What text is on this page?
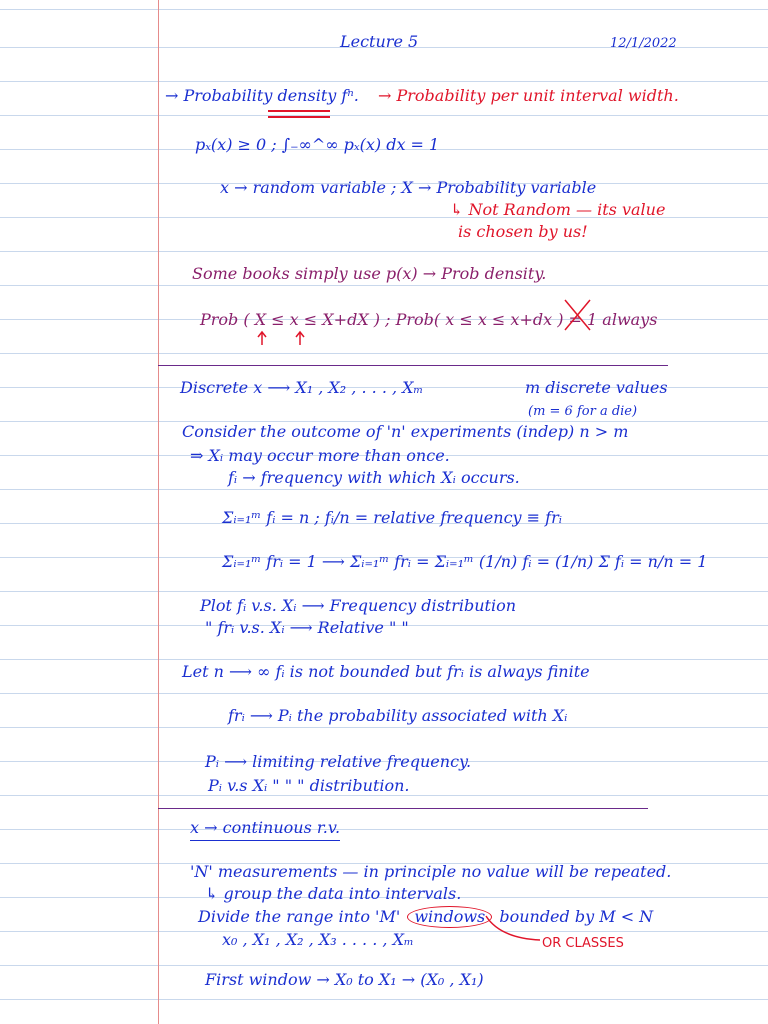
Lecture 5	12/1/2022
→ Probability density fⁿ. → Probability per unit interval width.
pₓ(x) ≥ 0 ; ∫₋∞^∞ pₓ(x) dx = 1
x → random variable ; X → Probability variable
↳ Not Random — its value
is chosen by us!
Some books simply use p(x) → Prob density.
Prob ( X ≤ x ≤ X+dX ) ; Prob( x ≤ x ≤ x+dx ) = 1 always
Discrete x ⟶ X₁ , X₂ , . . . , Xₘ	m discrete values
(m = 6 for a die)
Consider the outcome of 'n' experiments (indep) n > m
⇒ Xᵢ may occur more than once.
fᵢ → frequency with which Xᵢ occurs.
Σᵢ₌₁ᵐ fᵢ = n ; fᵢ/n = relative frequency ≡ frᵢ
Σᵢ₌₁ᵐ frᵢ = 1 ⟶ Σᵢ₌₁ᵐ frᵢ = Σᵢ₌₁ᵐ (1/n) fᵢ = (1/n) Σ fᵢ = n/n = 1
Plot fᵢ v.s. Xᵢ ⟶ Frequency distribution
" frᵢ v.s. Xᵢ ⟶ Relative " "
Let n ⟶ ∞ fᵢ is not bounded but frᵢ is always finite
frᵢ ⟶ Pᵢ the probability associated with Xᵢ
Pᵢ ⟶ limiting relative frequency.
Pᵢ v.s Xᵢ " " " distribution.
x → continuous r.v.
'N' measurements — in principle no value will be repeated.
↳ group the data into intervals.
Divide the range into 'M' windows bounded by M < N
x₀ , X₁ , X₂ , X₃ . . . . , Xₘ	OR CLASSES
First window → X₀ to X₁ → (X₀ , X₁)
